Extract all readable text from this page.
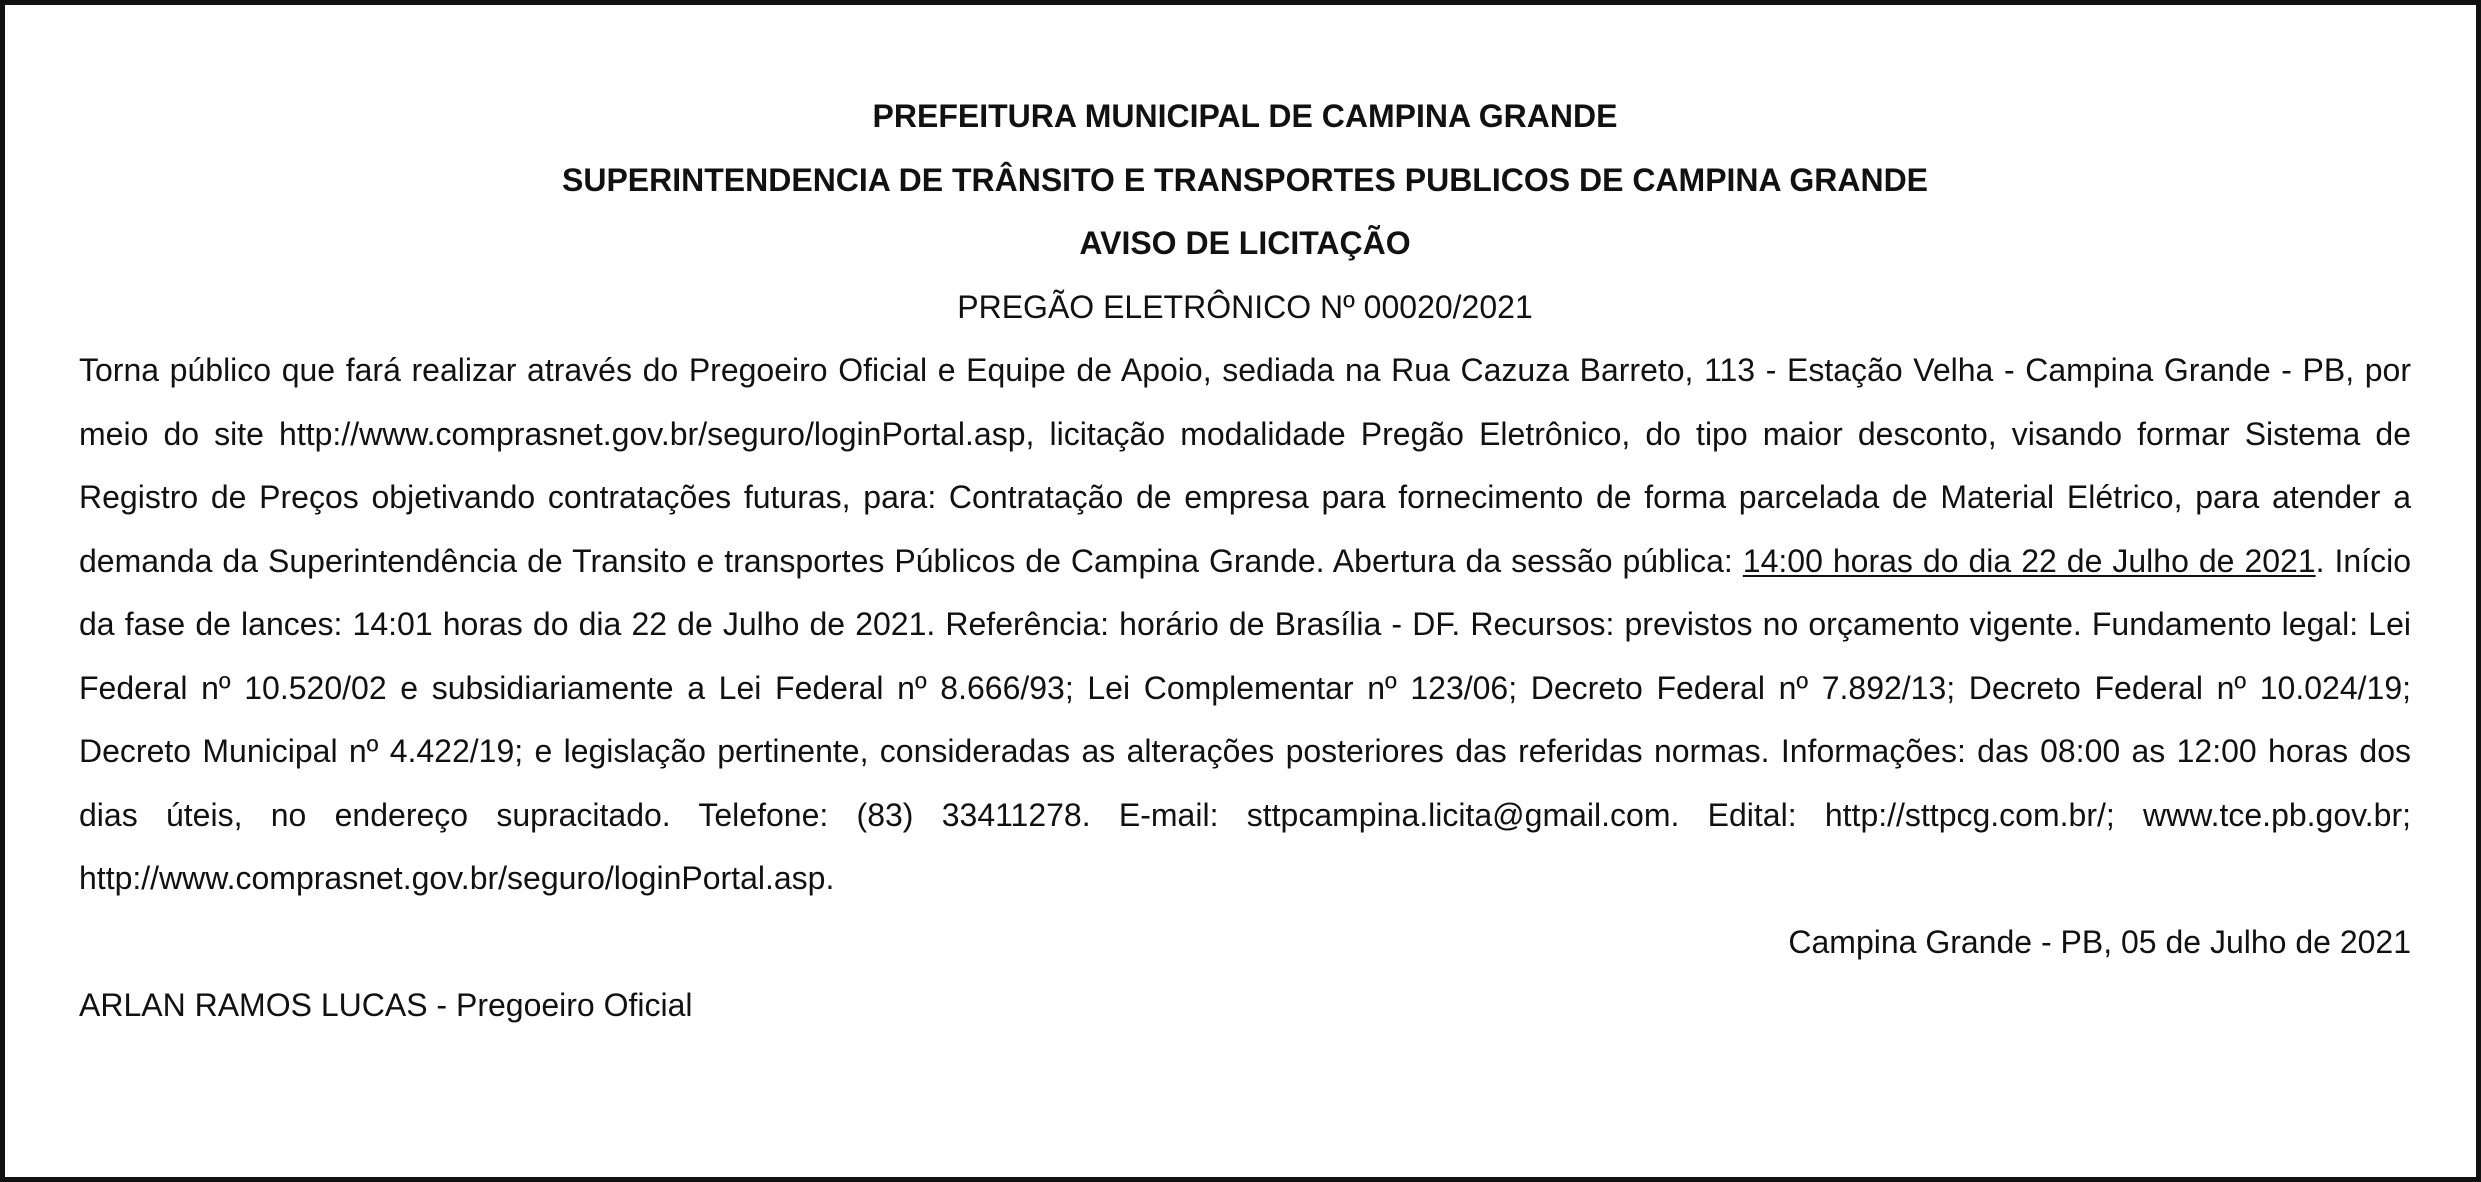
PREFEITURA MUNICIPAL DE CAMPINA GRANDE
SUPERINTENDENCIA DE TRÂNSITO E TRANSPORTES PUBLICOS DE CAMPINA GRANDE
AVISO DE LICITAÇÃO
PREGÃO ELETRÔNICO Nº 00020/2021

Torna público que fará realizar através do Pregoeiro Oficial e Equipe de Apoio, sediada na Rua Cazuza Barreto, 113 - Estação Velha - Campina Grande - PB, por meio do site http://www.comprasnet.gov.br/seguro/loginPortal.asp, licitação modalidade Pregão Eletrônico, do tipo maior desconto, visando formar Sistema de Registro de Preços objetivando contratações futuras, para: Contratação de empresa para fornecimento de forma parcelada de Material Elétrico, para atender a demanda da Superintendência de Transito e transportes Públicos de Campina Grande. Abertura da sessão pública: 14:00 horas do dia 22 de Julho de 2021. Início da fase de lances: 14:01 horas do dia 22 de Julho de 2021. Referência: horário de Brasília - DF. Recursos: previstos no orçamento vigente. Fundamento legal: Lei Federal nº 10.520/02 e subsidiariamente a Lei Federal nº 8.666/93; Lei Complementar nº 123/06; Decreto Federal nº 7.892/13; Decreto Federal nº 10.024/19; Decreto Municipal nº 4.422/19; e legislação pertinente, consideradas as alterações posteriores das referidas normas. Informações: das 08:00 as 12:00 horas dos dias úteis, no endereço supracitado. Telefone: (83) 33411278. E-mail: sttpcampina.licita@gmail.com. Edital: http://sttpcg.com.br/; www.tce.pb.gov.br; http://www.comprasnet.gov.br/seguro/loginPortal.asp.

Campina Grande - PB, 05 de Julho de 2021
ARLAN RAMOS LUCAS - Pregoeiro Oficial
